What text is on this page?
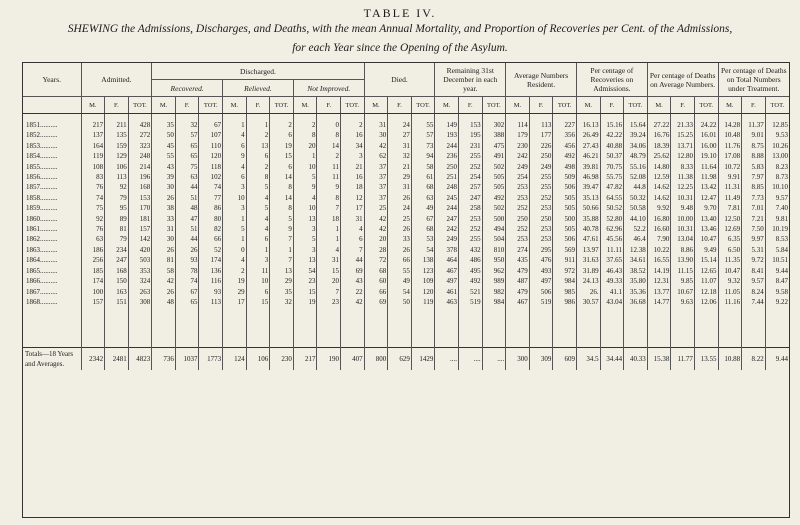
TABLE IV.
SHEWING the Admissions, Discharges, and Deaths, with the mean Annual Mortality, and Proportion of Recoveries per Cent. of the Admissions,
for each Year since the Opening of the Asylum.
Years.	Admitted.			Discharged.									Died.			Remaining 31st December in each year.			Average Numbers Resident.			Per centage of Recoveries on Admissions.			Per centage of Deaths on Average Numbers.			Per centage of Deaths on Total Numbers under Treatment.		
				Recovered.			Relieved.			Not Improved.																				
	M.	F.	TOT.	M.	F.	TOT.	M.	F.	TOT.	M.	F.	TOT.	M.	F.	TOT.	M.	F.	TOT.	M.	F.	TOT.	M.	F.	TOT.	M.	F.	TOT.	M.	F.	TOT.

1851..........	217	211	428	35	32	67	1	1	2	2	0	2	31	24	55	149	153	302	114	113	227	16.13	15.16	15.64	27.22	21.33	24.22	14.28	11.37	12.85
1852..........	137	135	272	50	57	107	4	2	6	8	8	16	30	27	57	193	195	388	179	177	356	26.49	42.22	39.24	16.76	15.25	16.01	10.48	9.01	9.53
1853..........	164	159	323	45	65	110	6	13	19	20	14	34	42	31	73	244	231	475	230	226	456	27.43	40.88	34.06	18.39	13.71	16.00	11.76	8.75	10.26
1854..........	119	129	248	55	65	120	9	6	15	1	2	3	62	32	94	236	255	491	242	250	492	46.21	50.37	48.79	25.62	12.80	19.10	17.08	8.88	13.00
1855..........	108	106	214	43	75	118	4	2	6	10	11	21	37	21	58	250	252	502	249	249	498	39.81	70.75	55.16	14.80	8.33	11.64	10.72	5.83	8.23
1856..........	83	113	196	39	63	102	6	8	14	5	11	16	37	29	61	251	254	505	254	255	509	46.98	55.75	52.08	12.59	11.38	11.98	9.91	7.97	8.73
1857..........	76	92	168	30	44	74	3	5	8	9	9	18	37	31	68	248	257	505	253	255	506	39.47	47.82	44.8	14.62	12.25	13.42	11.31	8.85	10.10
1858..........	74	79	153	26	51	77	10	4	14	4	8	12	37	26	63	245	247	492	253	252	505	35.13	64.55	50.32	14.62	10.31	12.47	11.49	7.73	9.57
1859..........	75	95	170	38	48	86	3	5	8	10	7	17	25	24	49	244	258	502	252	253	505	50.66	50.52	50.58	9.92	9.48	9.70	7.81	7.01	7.40
1860..........	92	89	181	33	47	80	1	4	5	13	18	31	42	25	67	247	253	500	250	250	500	35.88	52.80	44.10	16.80	10.00	13.40	12.50	7.21	9.81
1861..........	76	81	157	31	51	82	5	4	9	3	1	4	42	26	68	242	252	494	252	253	505	40.78	62.96	52.2	16.60	10.31	13.46	12.69	7.50	10.19
1862..........	63	79	142	30	44	66	1	6	7	5	1	6	20	33	53	249	255	504	253	253	506	47.61	45.56	46.4	7.90	13.04	10.47	6.35	9.97	8.53
1863..........	186	234	420	26	26	52	0	1	1	3	4	7	28	26	54	378	432	810	274	295	569	13.97	11.11	12.38	10.22	8.86	9.49	6.50	5.31	5.84
1864..........	256	247	503	81	93	174	4	3	7	13	31	44	72	66	138	464	486	950	435	476	911	31.63	37.65	34.61	16.55	13.90	15.14	11.35	9.72	10.51
1865..........	185	168	353	58	78	136	2	11	13	54	15	69	68	55	123	467	495	962	479	493	972	31.89	46.43	38.52	14.19	11.15	12.65	10.47	8.41	9.44
1866..........	174	150	324	42	74	116	19	10	29	23	20	43	60	49	109	497	492	989	487	497	984	24.13	49.33	35.80	12.31	9.85	11.07	9.32	9.57	8.47
1867..........	100	163	263	26	67	93	29	6	35	15	7	22	66	54	120	461	521	982	479	506	985	26.	41.1	35.36	13.77	10.67	12.18	11.05	8.24	9.58
1868..........	157	151	308	48	65	113	17	15	32	19	23	42	69	50	119	463	519	984	467	519	986	30.57	43.04	36.68	14.77	9.63	12.06	11.16	7.44	9.22

Totals—18 Years and Averages.	2342	2481	4823	736	1037	1773	124	106	230	217	190	407	800	629	1429	....	....	....	300	309	609	34.5	34.44	40.33	15.38	11.77	13.55	10.88	8.22	9.44
